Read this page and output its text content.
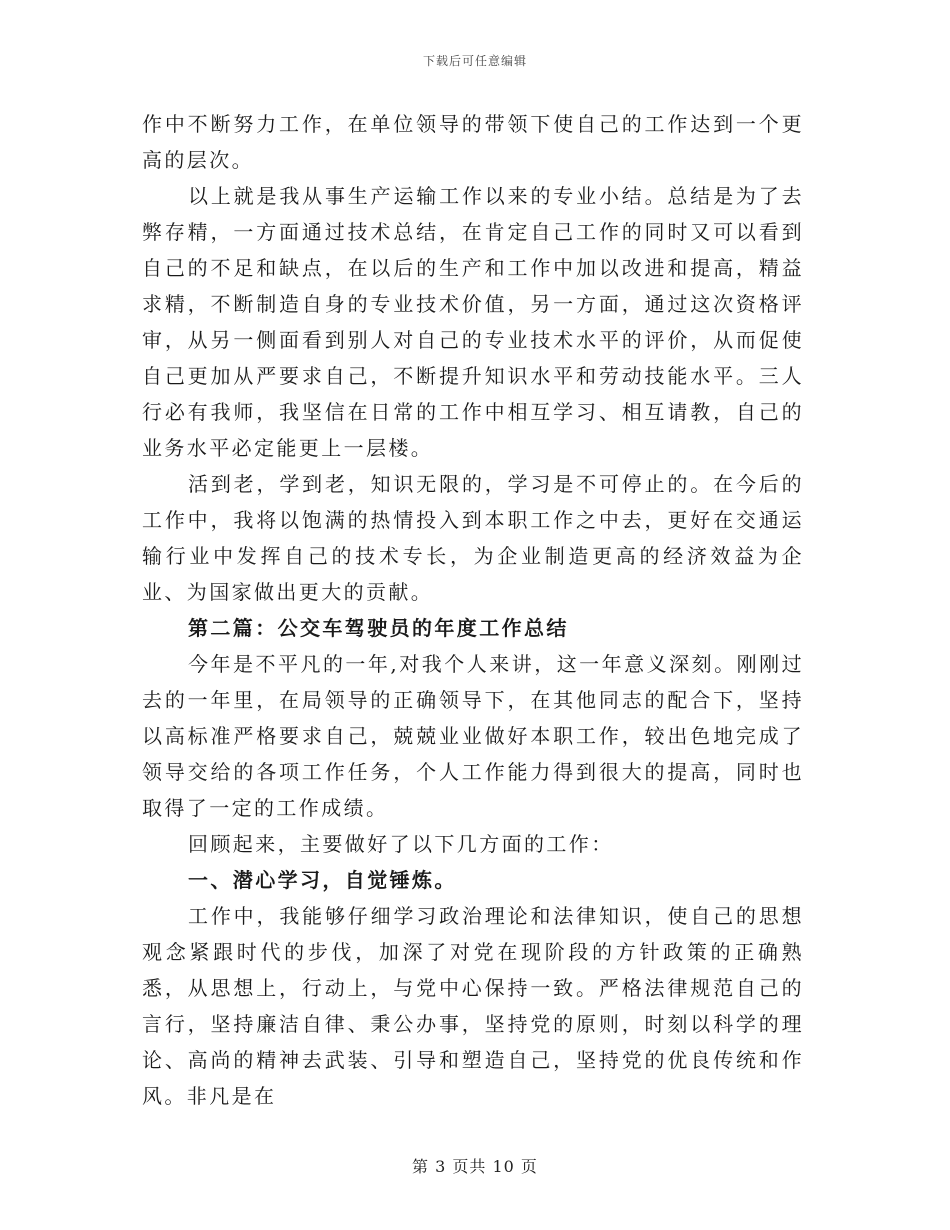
下载后可任意编辑

作中不断努力工作，在单位领导的带领下使自己的工作达到一个更高的层次。

以上就是我从事生产运输工作以来的专业小结。总结是为了去弊存精，一方面通过技术总结，在肯定自己工作的同时又可以看到自己的不足和缺点，在以后的生产和工作中加以改进和提高，精益求精，不断制造自身的专业技术价值，另一方面，通过这次资格评审，从另一侧面看到别人对自己的专业技术水平的评价，从而促使自己更加从严要求自己，不断提升知识水平和劳动技能水平。三人行必有我师，我坚信在日常的工作中相互学习、相互请教，自己的业务水平必定能更上一层楼。

活到老，学到老，知识无限的，学习是不可停止的。在今后的工作中，我将以饱满的热情投入到本职工作之中去，更好在交通运输行业中发挥自己的技术专长，为企业制造更高的经济效益为企业、为国家做出更大的贡献。

第二篇：公交车驾驶员的年度工作总结

今年是不平凡的一年,对我个人来讲，这一年意义深刻。刚刚过去的一年里，在局领导的正确领导下，在其他同志的配合下，坚持以高标准严格要求自己，兢兢业业做好本职工作，较出色地完成了领导交给的各项工作任务，个人工作能力得到很大的提高，同时也取得了一定的工作成绩。

回顾起来，主要做好了以下几方面的工作：

一、潜心学习，自觉锤炼。

工作中，我能够仔细学习政治理论和法律知识，使自己的思想观念紧跟时代的步伐，加深了对党在现阶段的方针政策的正确熟悉，从思想上，行动上，与党中心保持一致。严格法律规范自己的言行，坚持廉洁自律、秉公办事，坚持党的原则，时刻以科学的理论、高尚的精神去武装、引导和塑造自己，坚持党的优良传统和作风。非凡是在

第 3 页共 10 页
